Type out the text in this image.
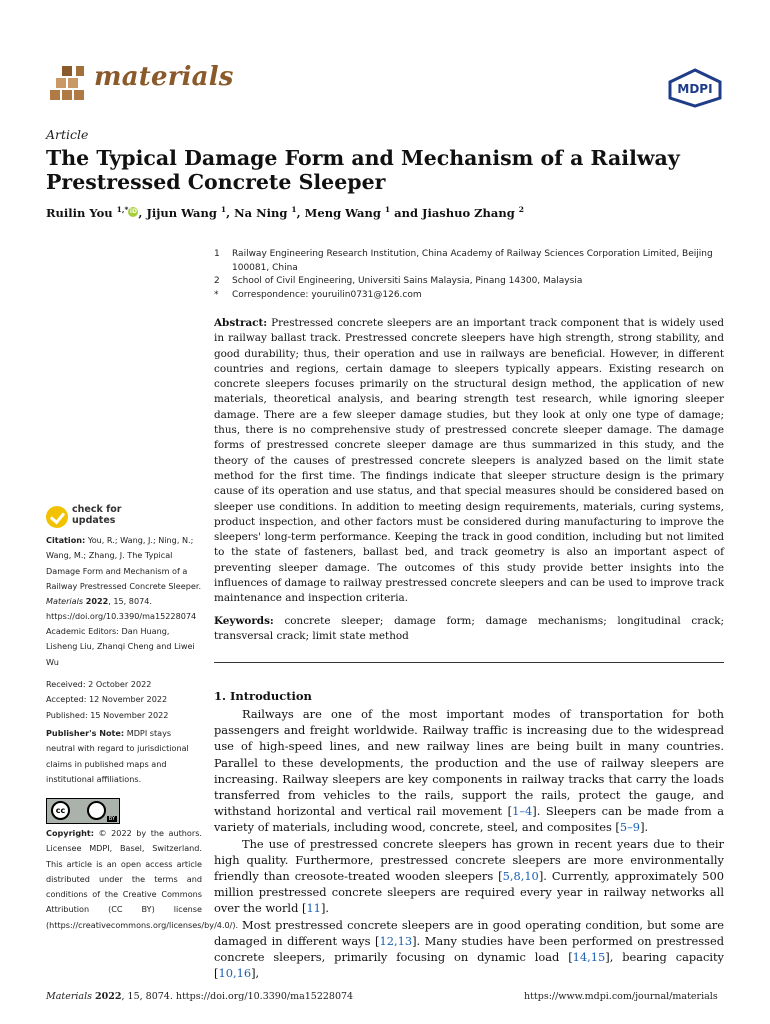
materials	MDPI
Article
The Typical Damage Form and Mechanism of a Railway Prestressed Concrete Sleeper
Ruilin You $^{1,*}$iD, Jijun Wang $^1$, Na Ning $^1$, Meng Wang $^1$ and Jiashuo Zhang $^2$
1	Railway Engineering Research Institution, China Academy of Railway Sciences Corporation Limited, Beijing 100081, China
2	School of Civil Engineering, Universiti Sains Malaysia, Pinang 14300, Malaysia
*	Correspondence: youruilin0731@126.com
Abstract: Prestressed concrete sleepers are an important track component that is widely used in railway ballast track. Prestressed concrete sleepers have high strength, strong stability, and good durability; thus, their operation and use in railways are beneficial. However, in different countries and regions, certain damage to sleepers typically appears. Existing research on concrete sleepers focuses primarily on the structural design method, the application of new materials, theoretical analysis, and bearing strength test research, while ignoring sleeper damage. There are a few sleeper damage studies, but they look at only one type of damage; thus, there is no comprehensive study of prestressed concrete sleeper damage. The damage forms of prestressed concrete sleeper damage are thus summarized in this study, and the theory of the causes of prestressed concrete sleepers is analyzed based on the limit state method for the first time. The findings indicate that sleeper structure design is the primary cause of its operation and use status, and that special measures should be considered based on sleeper use conditions. In addition to meeting design requirements, materials, curing systems, product inspection, and other factors must be considered during manufacturing to improve the sleepers' long-term performance. Keeping the track in good condition, including but not limited to the state of fasteners, ballast bed, and track geometry is also an important aspect of preventing sleeper damage. The outcomes of this study provide better insights into the influences of damage to railway prestressed concrete sleepers and can be used to improve track maintenance and inspection criteria.
Keywords: concrete sleeper; damage form; damage mechanisms; longitudinal crack; transversal crack; limit state method
1. Introduction

Railways are one of the most important modes of transportation for both passengers and freight worldwide. Railway traffic is increasing due to the widespread use of high-speed lines, and new railway lines are being built in many countries. Parallel to these developments, the production and the use of railway sleepers are increasing. Railway sleepers are key components in railway tracks that carry the loads transferred from vehicles to the rails, support the rails, protect the gauge, and withstand horizontal and vertical rail movement [1–4]. Sleepers can be made from a variety of materials, including wood, concrete, steel, and composites [5–9].

The use of prestressed concrete sleepers has grown in recent years due to their high quality. Furthermore, prestressed concrete sleepers are more environmentally friendly than creosote-treated wooden sleepers [5,8,10]. Currently, approximately 500 million prestressed concrete sleepers are required every year in railway networks all over the world [11].

Most prestressed concrete sleepers are in good operating condition, but some are damaged in different ways [12,13]. Many studies have been performed on prestressed concrete sleepers, primarily focusing on dynamic load [14,15], bearing capacity [10,16],

check for
updates
Citation: You, R.; Wang, J.; Ning, N.; Wang, M.; Zhang, J. The Typical Damage Form and Mechanism of a Railway Prestressed Concrete Sleeper. Materials 2022, 15, 8074. https://doi.org/10.3390/ma15228074
Academic Editors: Dan Huang, Lisheng Liu, Zhanqi Cheng and Liwei Wu
Received: 2 October 2022
Accepted: 12 November 2022
Published: 15 November 2022
Publisher's Note: MDPI stays neutral with regard to jurisdictional claims in published maps and institutional affiliations.
cc
BY
Copyright: © 2022 by the authors. Licensee MDPI, Basel, Switzerland. This article is an open access article distributed under the terms and conditions of the Creative Commons Attribution (CC BY) license (https://creativecommons.org/licenses/by/4.0/).
Materials 2022, 15, 8074. https://doi.org/10.3390/ma15228074	https://www.mdpi.com/journal/materials
